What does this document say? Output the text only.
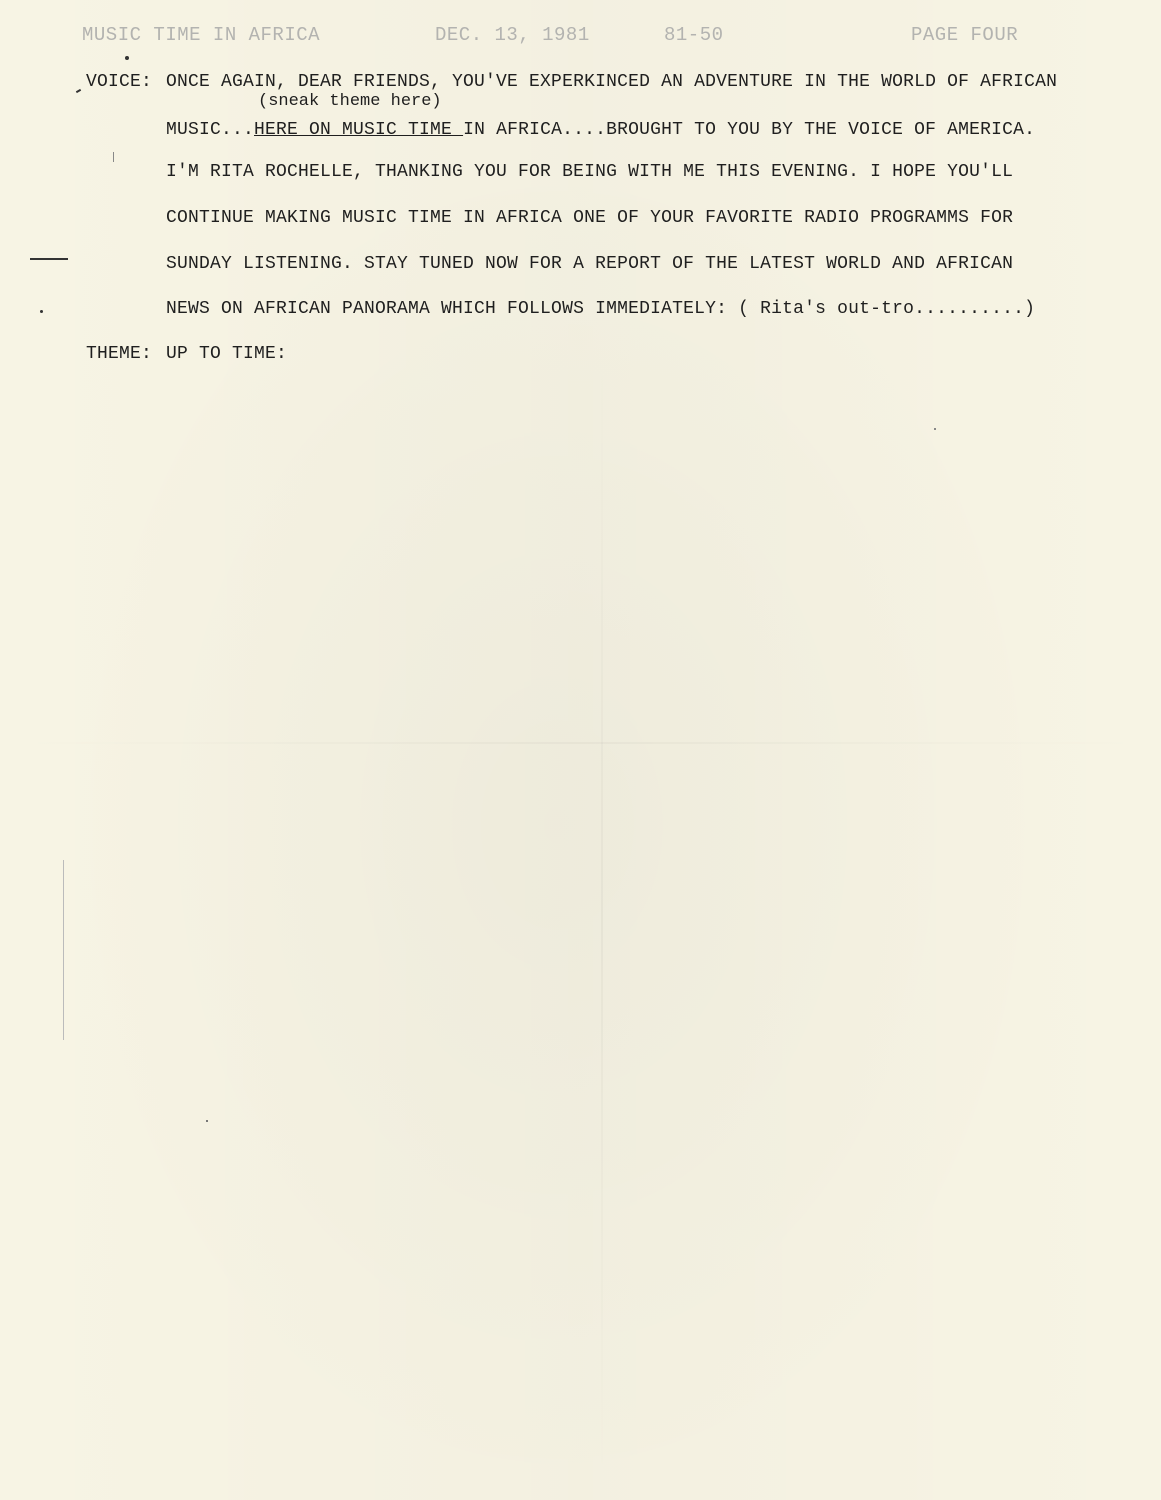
MUSIC TIME IN AFRICA	DEC. 13, 1981	81-50	PAGE FOUR
VOICE: ONCE AGAIN, DEAR FRIENDS, YOU'VE EXPERKINCED AN ADVENTURE IN THE WORLD OF AFRICAN
(sneak theme here)
MUSIC...HERE ON MUSIC TIME IN AFRICA....BROUGHT TO YOU BY THE VOICE OF AMERICA.
I'M RITA ROCHELLE, THANKING YOU FOR BEING WITH ME THIS EVENING. I HOPE YOU'LL
CONTINUE MAKING MUSIC TIME IN AFRICA ONE OF YOUR FAVORITE RADIO PROGRAMMS FOR
SUNDAY LISTENING. STAY TUNED NOW FOR A REPORT OF THE LATEST WORLD AND AFRICAN
NEWS ON AFRICAN PANORAMA WHICH FOLLOWS IMMEDIATELY: ( Rita's out-tro..........)
THEME: UP TO TIME:
